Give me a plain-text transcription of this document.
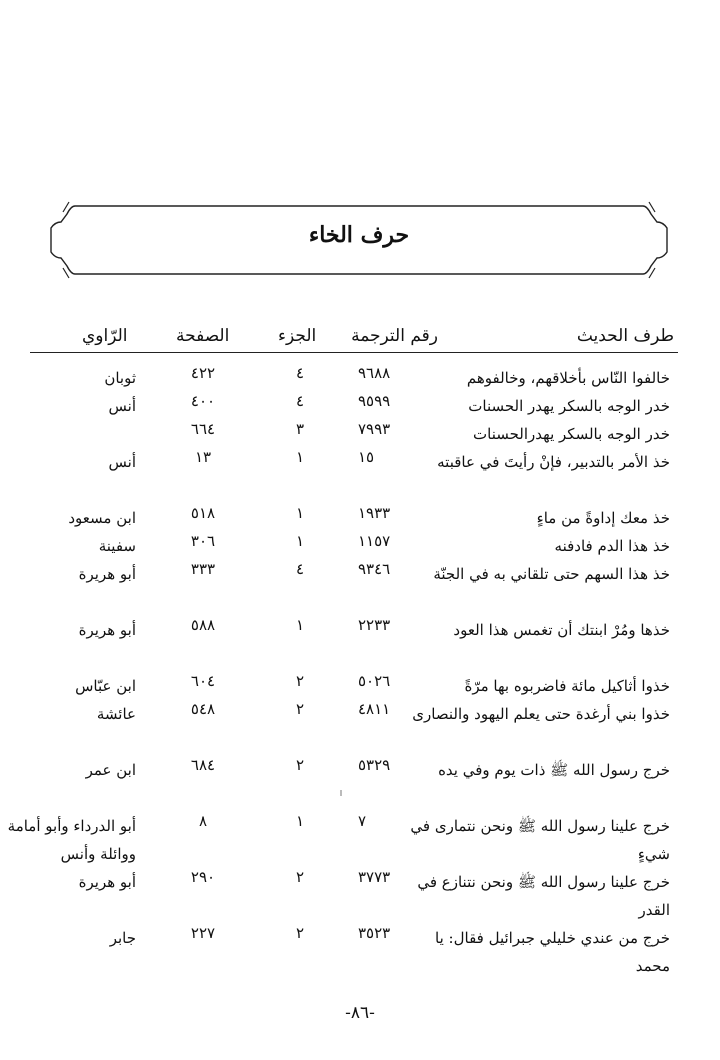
حرف الخاء
طرف الحديث
رقم الترجمة
الجزء
الصفحة
الرّاوي
خالفوا النّاس بأخلاقهم، وخالفوهم
٩٦٨٨
٤
٤٢٢
ثوبان
خدر الوجه بالسكر يهدر الحسنات
٩٥٩٩
٤
٤٠٠
أنس
خدر الوجه بالسكر يهدرالحسنات
٧٩٩٣
٣
٦٦٤
خذ الأمر بالتدبير، فإنْ رأيتَ في عاقبته
١٥
١
١٣
أنس
خذ معك إداوةً من ماءٍ
١٩٣٣
١
٥١٨
ابن مسعود
خذ هذا الدم فادفنه
١١٥٧
١
٣٠٦
سفينة
خذ هذا السهم حتى تلقاني به في الجنّة
٩٣٤٦
٤
٣٣٣
أبو هريرة
خذها ومُرْ ابنتك أن تغمس هذا العود
٢٢٣٣
١
٥٨٨
أبو هريرة
خذوا أثاكيل مائة فاضربوه بها مرّةً
٥٠٢٦
٢
٦٠٤
ابن عبّاس
خذوا بني أرغدة حتى يعلم اليهود والنصارى
٤٨١١
٢
٥٤٨
عائشة
خرج رسول الله ﷺ ذات يوم وفي يده
٥٣٢٩
٢
٦٨٤
ابن عمر
خرج علينا رسول الله ﷺ ونحن نتمارى في شيءٍ
٧
١
٨
أبو الدرداء وأبو أمامة ووائلة وأنس
خرج علينا رسول الله ﷺ ونحن نتنازع في القدر
٣٧٧٣
٢
٢٩٠
أبو هريرة
خرج من عندي خليلي جبرائيل فقال: يا محمد
٣٥٢٣
٢
٢٢٧
جابر
-٨٦-
